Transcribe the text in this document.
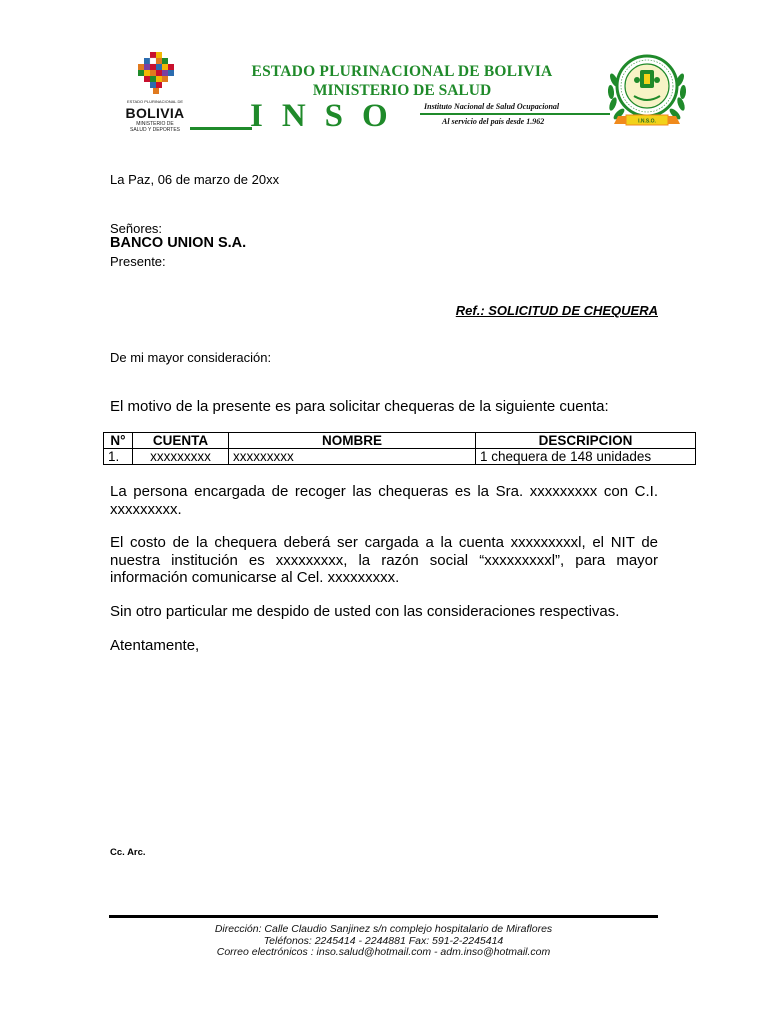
ESTADO PLURINACIONAL DE
BOLIVIA
MINISTERIO DE
SALUD Y DEPORTES
ESTADO PLURINACIONAL DE BOLIVIA
MINISTERIO DE SALUD
INSO Instituto Nacional de Salud Ocupacional
Al servicio del país desde 1.962	I.N.S.O.
La Paz, 06 de marzo de 20xx
Señores:
BANCO UNION S.A.
Presente:
Ref.: SOLICITUD DE CHEQUERA
De mi mayor consideración:
El motivo de la presente es para solicitar chequeras de la siguiente cuenta:
N°	CUENTA	NOMBRE	DESCRIPCION
1.	xxxxxxxxx	xxxxxxxxx	1 chequera de 148 unidades
La persona encargada de recoger las chequeras es la Sra. xxxxxxxxx con C.I. xxxxxxxxx.
El costo de la chequera deberá ser cargada a la cuenta xxxxxxxxxl, el NIT de nuestra institución es xxxxxxxxx, la razón social “xxxxxxxxxl”, para mayor información comunicarse al Cel. xxxxxxxxx.
Sin otro particular me despido de usted con las consideraciones respectivas.
Atentamente,
Cc. Arc.
Dirección: Calle Claudio Sanjinez s/n complejo hospitalario de Miraflores
Teléfonos: 2245414 - 2244881 Fax: 591-2-2245414
Correo electrónicos : inso.salud@hotmail.com - adm.inso@hotmail.com
